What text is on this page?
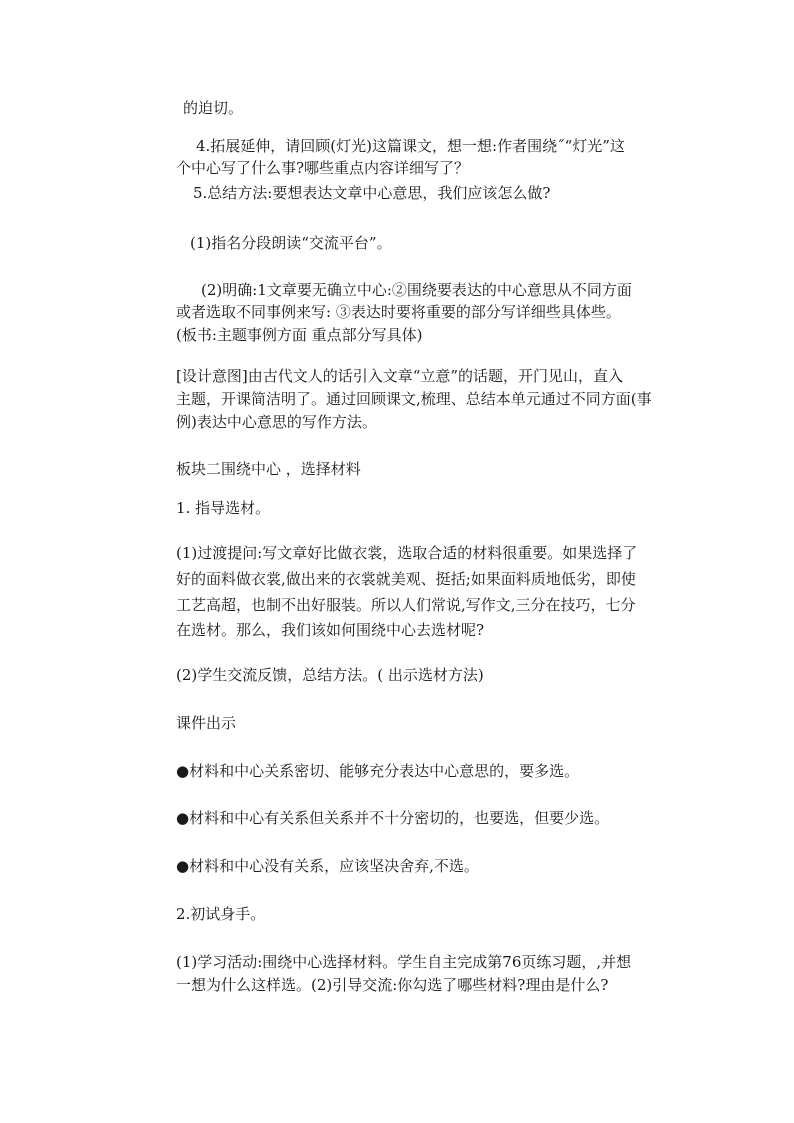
的迫切。
4.拓展延伸，请回顾(灯光)这篇课文，想一想:作者围绕˝“灯光”这
个中心写了什么事?哪些重点内容详细写了？
5.总结方法:要想表达文章中心意思，我们应该怎么做?
(1)指名分段朗读“交流平台”。
(2)明确:1文章要无确立中心:②围绕要表达的中心意思从不同方面
或者选取不同事例来写: ③表达时要将重要的部分写详细些具体些。
(板书:主题事例方面 重点部分写具体)
[设计意图]由古代文人的话引入文章“立意”的话题，开门见山，直入
主题，开课简洁明了。通过回顾课文,梳理、总结本单元通过不同方面(事
例)表达中心意思的写作方法。
板块二围绕中心 ，选择材料
1. 指导选材。
(1)过渡提问:写文章好比做衣裳，选取合适的材料很重要。如果选择了
好的面料做衣裳,做出来的衣裳就美观、挺括;如果面料质地低劣，即使
工艺高超，也制不出好服装。所以人们常说,写作文,三分在技巧，七分
在选材。那么，我们该如何围绕中心去选材呢?
(2)学生交流反馈，总结方法。( 出示选材方法)
课件出示
●材料和中心关系密切、能够充分表达中心意思的，要多选。
●材料和中心有关系但关系并不十分密切的，也要选，但要少选。
●材料和中心没有关系，应该坚决舍弃,不选。
2.初试身手。
(1)学习活动:围绕中心选择材料。学生自主完成第76页练习题，,并想
一想为什么这样选。(2)引导交流:你勾选了哪些材料?理由是什么?
